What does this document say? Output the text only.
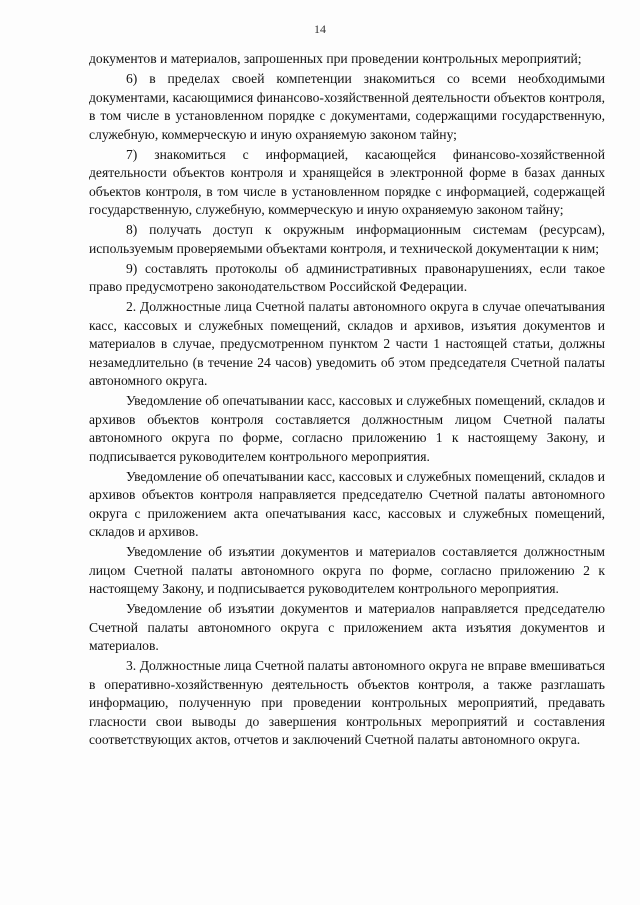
14

документов и материалов, запрошенных при проведении контрольных мероприятий;

6) в пределах своей компетенции знакомиться со всеми необходимыми документами, касающимися финансово-хозяйственной деятельности объектов контроля, в том числе в установленном порядке с документами, содержащими государственную, служебную, коммерческую и иную охраняемую законом тайну;

7) знакомиться с информацией, касающейся финансово-хозяйственной деятельности объектов контроля и хранящейся в электронной форме в базах данных объектов контроля, в том числе в установленном порядке с информацией, содержащей государственную, служебную, коммерческую и иную охраняемую законом тайну;

8) получать доступ к окружным информационным системам (ресурсам), используемым проверяемыми объектами контроля, и технической документации к ним;

9) составлять протоколы об административных правонарушениях, если такое право предусмотрено законодательством Российской Федерации.

2. Должностные лица Счетной палаты автономного округа в случае опечатывания касс, кассовых и служебных помещений, складов и архивов, изъятия документов и материалов в случае, предусмотренном пунктом 2 части 1 настоящей статьи, должны незамедлительно (в течение 24 часов) уведомить об этом председателя Счетной палаты автономного округа.

Уведомление об опечатывании касс, кассовых и служебных помещений, складов и архивов объектов контроля составляется должностным лицом Счетной палаты автономного округа по форме, согласно приложению 1 к настоящему Закону, и подписывается руководителем контрольного мероприятия.

Уведомление об опечатывании касс, кассовых и служебных помещений, складов и архивов объектов контроля направляется председателю Счетной палаты автономного округа с приложением акта опечатывания касс, кассовых и служебных помещений, складов и архивов.

Уведомление об изъятии документов и материалов составляется должностным лицом Счетной палаты автономного округа по форме, согласно приложению 2 к настоящему Закону, и подписывается руководителем контрольного мероприятия.

Уведомление об изъятии документов и материалов направляется председателю Счетной палаты автономного округа с приложением акта изъятия документов и материалов.

3. Должностные лица Счетной палаты автономного округа не вправе вмешиваться в оперативно-хозяйственную деятельность объектов контроля, а также разглашать информацию, полученную при проведении контрольных мероприятий, предавать гласности свои выводы до завершения контрольных мероприятий и составления соответствующих актов, отчетов и заключений Счетной палаты автономного округа.
